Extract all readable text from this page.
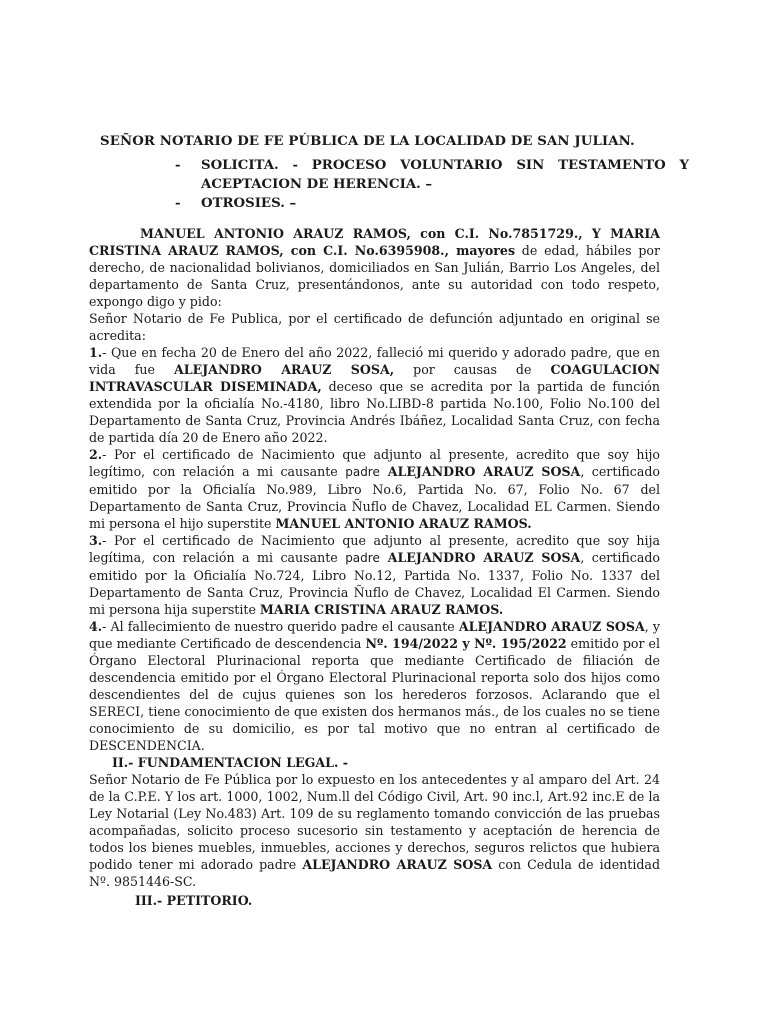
SEÑOR NOTARIO DE FE PÚBLICA DE LA LOCALIDAD DE SAN JULIAN.
- SOLICITA. - PROCESO VOLUNTARIO SIN TESTAMENTO Y ACEPTACION DE HERENCIA. –
- OTROSIES. –

MANUEL ANTONIO ARAUZ RAMOS, con C.I. No.7851729., Y MARIA CRISTINA ARAUZ RAMOS, con C.I. No.6395908., mayores de edad, hábiles por derecho, de nacionalidad bolivianos, domiciliados en San Julián, Barrio Los Angeles, del departamento de Santa Cruz, presentándonos, ante su autoridad con todo respeto, expongo digo y pido:

Señor Notario de Fe Publica, por el certificado de defunción adjuntado en original se acredita:

1.- Que en fecha 20 de Enero del año 2022, falleció mi querido y adorado padre, que en vida fue ALEJANDRO ARAUZ SOSA, por causas de COAGULACION INTRAVASCULAR DISEMINADA, deceso que se acredita por la partida de función extendida por la oficialía No.-4180, libro No.LIBD-8 partida No.100, Folio No.100 del Departamento de Santa Cruz, Provincia Andrés Ibáñez, Localidad Santa Cruz, con fecha de partida día 20 de Enero año 2022.

2.- Por el certificado de Nacimiento que adjunto al presente, acredito que soy hijo legítimo, con relación a mi causante padre ALEJANDRO ARAUZ SOSA, certificado emitido por la Oficialía No.989, Libro No.6, Partida No. 67, Folio No. 67 del Departamento de Santa Cruz, Provincia Ñuflo de Chavez, Localidad EL Carmen. Siendo mi persona el hijo superstite MANUEL ANTONIO ARAUZ RAMOS.

3.- Por el certificado de Nacimiento que adjunto al presente, acredito que soy hija legítima, con relación a mi causante padre ALEJANDRO ARAUZ SOSA, certificado emitido por la Oficialía No.724, Libro No.12, Partida No. 1337, Folio No. 1337 del Departamento de Santa Cruz, Provincia Ñuflo de Chavez, Localidad El Carmen. Siendo mi persona hija superstite MARIA CRISTINA ARAUZ RAMOS.

4.- Al fallecimiento de nuestro querido padre el causante ALEJANDRO ARAUZ SOSA, y que mediante Certificado de descendencia Nº. 194/2022 y Nº. 195/2022 emitido por el Órgano Electoral Plurinacional reporta que mediante Certificado de filiación de descendencia emitido por el Órgano Electoral Plurinacional reporta solo dos hijos como descendientes del de cujus quienes son los herederos forzosos. Aclarando que el SERECI, tiene conocimiento de que existen dos hermanos más., de los cuales no se tiene conocimiento de su domicilio, es por tal motivo que no entran al certificado de DESCENDENCIA.

II.- FUNDAMENTACION LEGAL. -

Señor Notario de Fe Pública por lo expuesto en los antecedentes y al amparo del Art. 24 de la C.P.E. Y los art. 1000, 1002, Num.ll del Código Civil, Art. 90 inc.l, Art.92 inc.E de la Ley Notarial (Ley No.483) Art. 109 de su reglamento tomando convicción de las pruebas acompañadas, solicito proceso sucesorio sin testamento y aceptación de herencia de todos los bienes muebles, inmuebles, acciones y derechos, seguros relictos que hubiera podido tener mi adorado padre ALEJANDRO ARAUZ SOSA con Cedula de identidad Nº. 9851446-SC.

III.- PETITORIO.
